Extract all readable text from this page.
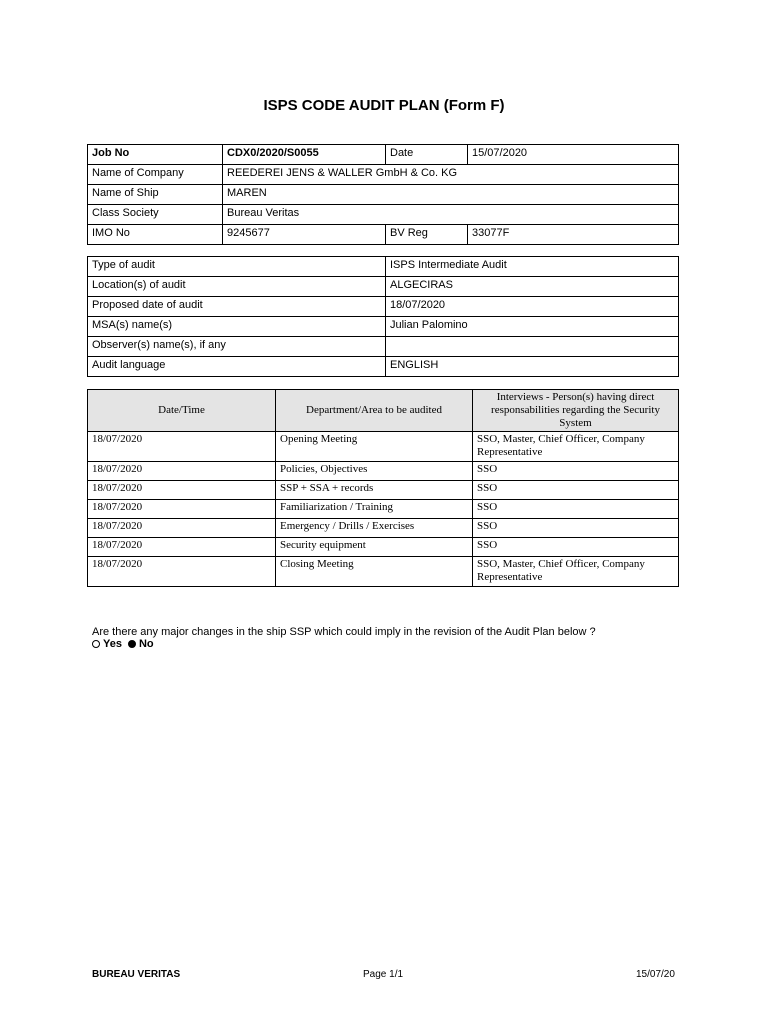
ISPS CODE AUDIT PLAN (Form F)
Job No	CDX0/2020/S0055	Date	15/07/2020
Name of Company	REEDEREI JENS & WALLER GmbH & Co. KG		
Name of Ship	MAREN		
Class Society	Bureau Veritas		
IMO No	9245677	BV Reg	33077F
Type of audit	ISPS Intermediate Audit
Location(s) of audit	ALGECIRAS
Proposed date of audit	18/07/2020
MSA(s) name(s)	Julian Palomino
Observer(s) name(s), if any	
Audit language	ENGLISH
Date/Time	Department/Area to be audited	Interviews - Person(s) having direct responsabilities regarding the Security System
18/07/2020	Opening Meeting	SSO, Master, Chief Officer, Company Representative
18/07/2020	Policies, Objectives	SSO
18/07/2020	SSP + SSA + records	SSO
18/07/2020	Familiarization / Training	SSO
18/07/2020	Emergency / Drills / Exercises	SSO
18/07/2020	Security equipment	SSO
18/07/2020	Closing Meeting	SSO, Master, Chief Officer, Company Representative
Are there any major changes in the ship SSP which could imply in the revision of the Audit Plan below ?
Yes No
BUREAU VERITAS	Page 1/1	15/07/20
